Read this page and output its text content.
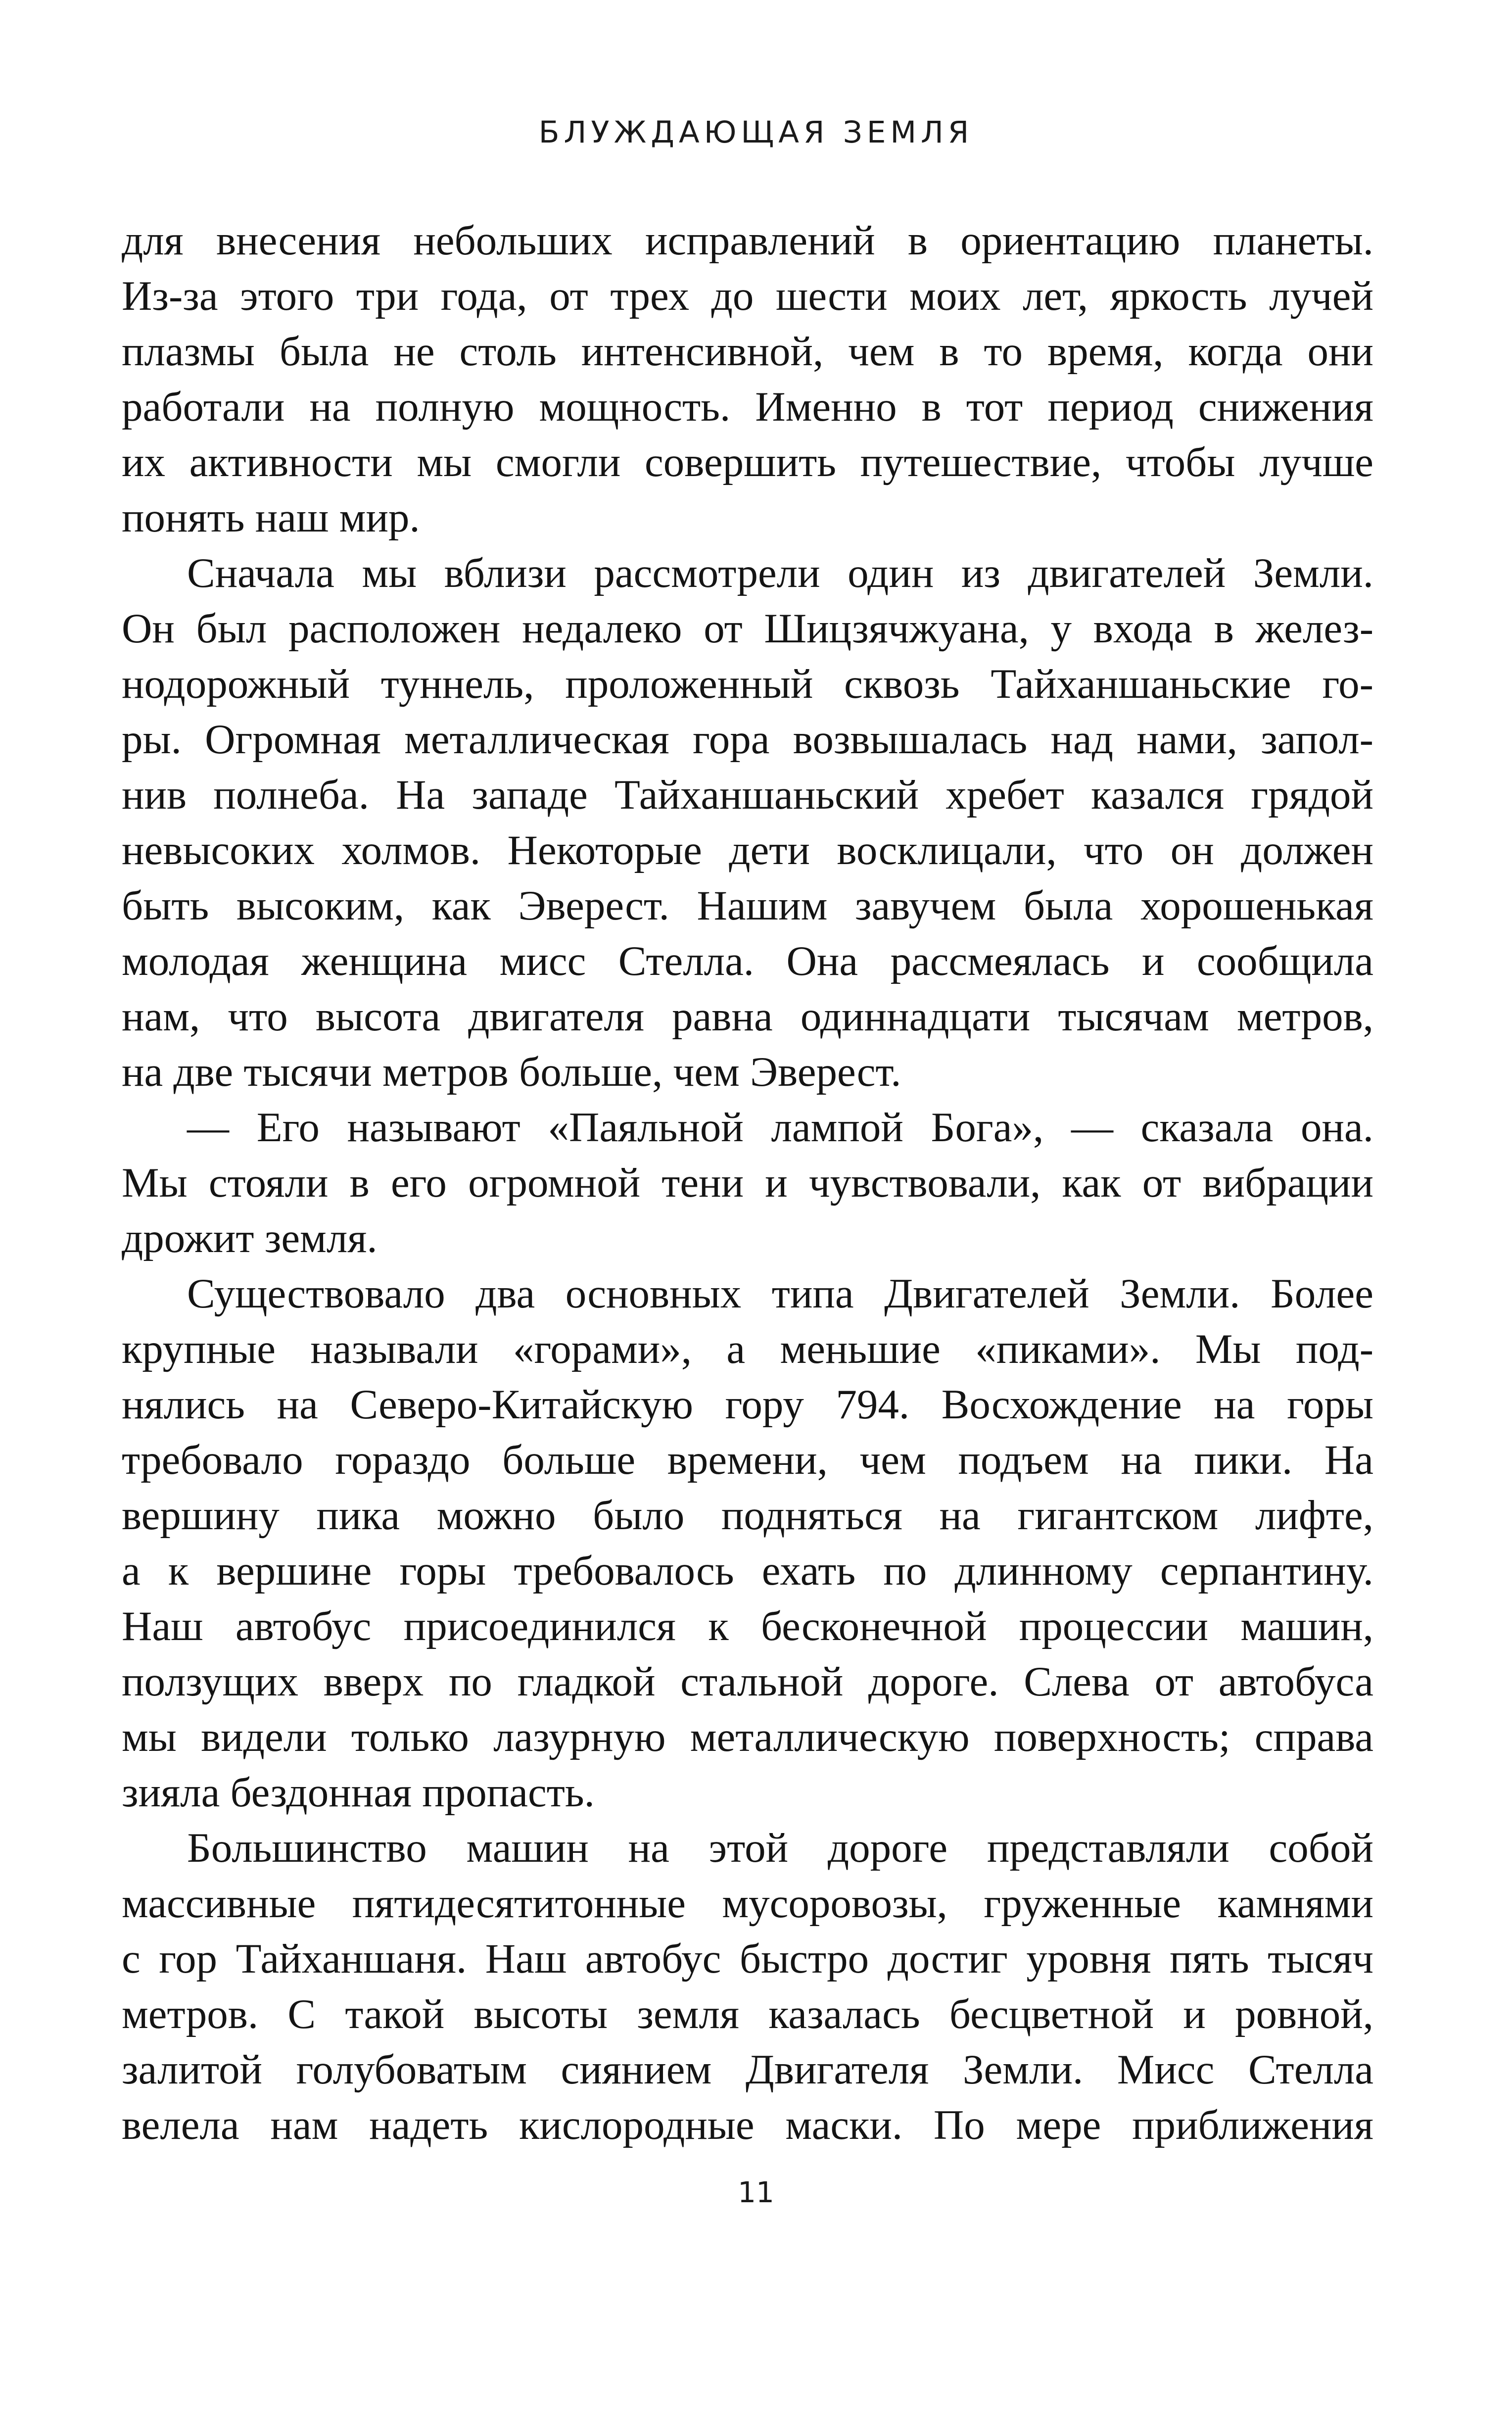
БЛУЖДАЮЩАЯ ЗЕМЛЯ
для внесения небольших исправлений в ориентацию планеты.
Из-за этого три года, от трех до шести моих лет, яркость лучей
плазмы была не столь интенсивной, чем в то время, когда они
работали на полную мощность. Именно в тот период снижения
их активности мы смогли совершить путешествие, чтобы лучше
понять наш мир.
Сначала мы вблизи рассмотрели один из двигателей Земли.
Он был расположен недалеко от Шицзячжуана, у входа в желез-
нодорожный туннель, проложенный сквозь Тайханшаньские го-
ры. Огромная металлическая гора возвышалась над нами, запол-
нив полнеба. На западе Тайханшаньский хребет казался грядой
невысоких холмов. Некоторые дети восклицали, что он должен
быть высоким, как Эверест. Нашим завучем была хорошенькая
молодая женщина мисс Стелла. Она рассмеялась и сообщила
нам, что высота двигателя равна одиннадцати тысячам метров,
на две тысячи метров больше, чем Эверест.
— Его называют «Паяльной лампой Бога», — сказала она.
Мы стояли в его огромной тени и чувствовали, как от вибрации
дрожит земля.
Существовало два основных типа Двигателей Земли. Более
крупные называли «горами», а меньшие «пиками». Мы под-
нялись на Северо-Китайскую гору 794. Восхождение на горы
требовало гораздо больше времени, чем подъем на пики. На
вершину пика можно было подняться на гигантском лифте,
а к вершине горы требовалось ехать по длинному серпантину.
Наш автобус присоединился к бесконечной процессии машин,
ползущих вверх по гладкой стальной дороге. Слева от автобуса
мы видели только лазурную металлическую поверхность; справа
зияла бездонная пропасть.
Большинство машин на этой дороге представляли собой
массивные пятидесятитонные мусоровозы, груженные камнями
с гор Тайханшаня. Наш автобус быстро достиг уровня пять тысяч
метров. С такой высоты земля казалась бесцветной и ровной,
залитой голубоватым сиянием Двигателя Земли. Мисс Стелла
велела нам надеть кислородные маски. По мере приближения
11
